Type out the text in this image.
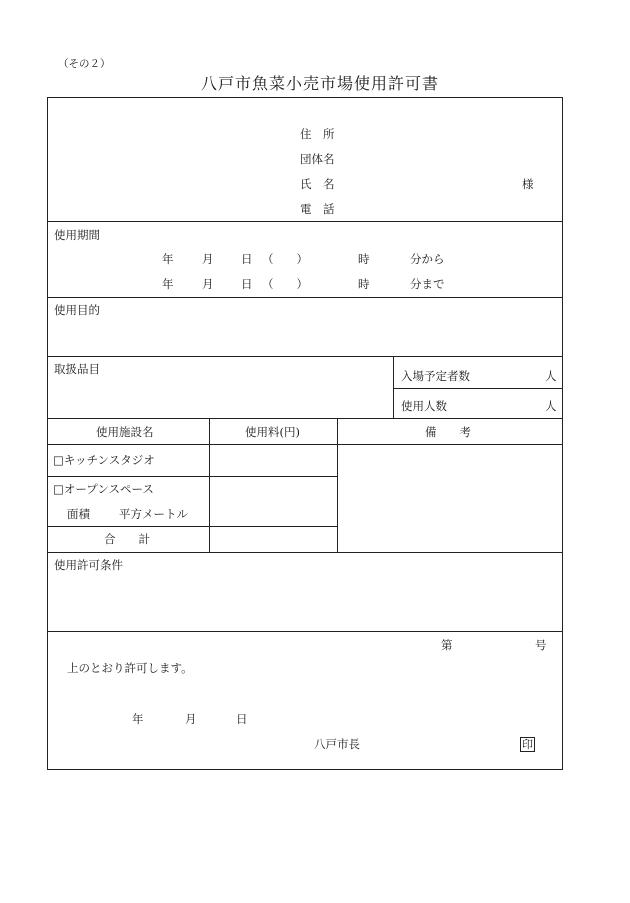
（その２）
八戸市魚菜小売市場使用許可書
住　所
団体名
氏　名	様
電　話
使用期間
年 月 日 （　　）	時	分から
年 月 日 （　　）	時	分まで
使用目的
取扱品目	入場予定者数	人
使用人数	人
使用施設名	使用料(円)	備　　考
□キッチンスタジオ
□オープンスペース
面積	平方メートル
合　　計
使用許可条件
第	号
上のとおり許可します。
年	月	日
八戸市長	印
